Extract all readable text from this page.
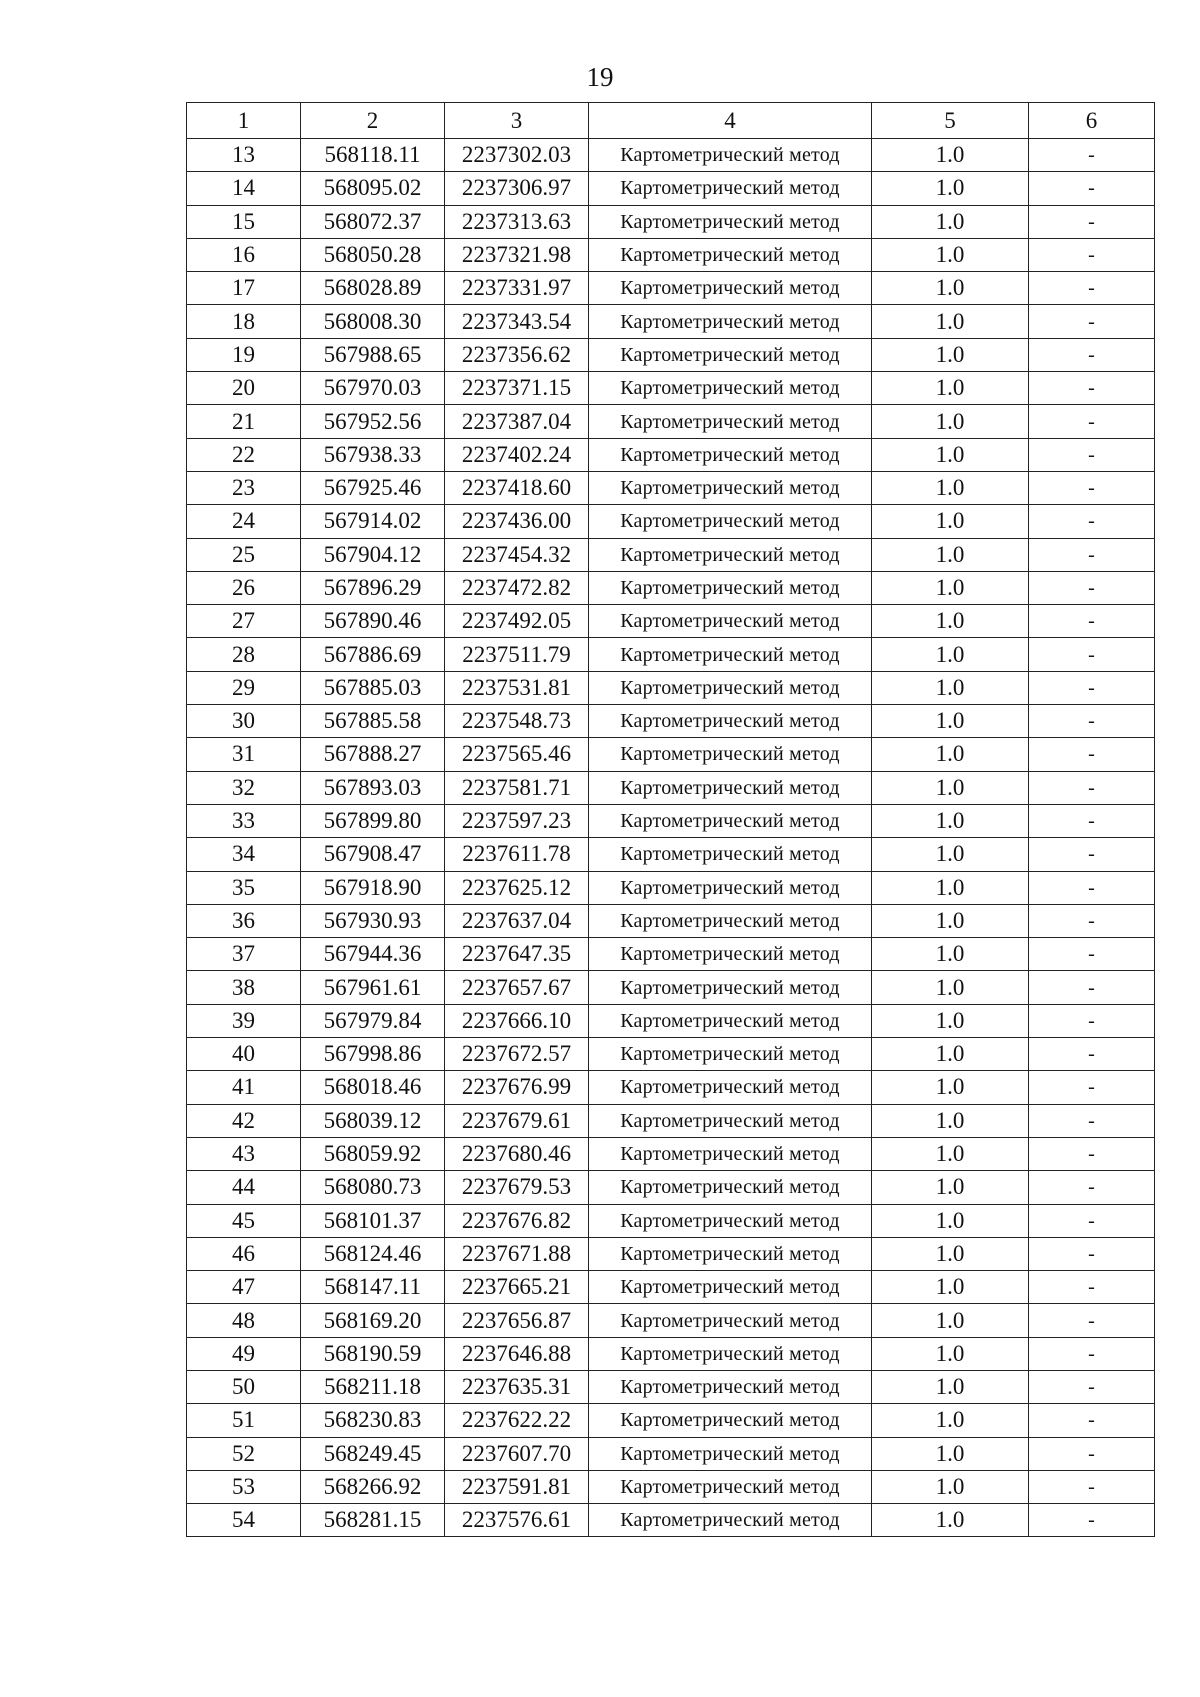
19
1	2	3	4	5	6
13	568118.11	2237302.03	Картометрический метод	1.0	-
14	568095.02	2237306.97	Картометрический метод	1.0	-
15	568072.37	2237313.63	Картометрический метод	1.0	-
16	568050.28	2237321.98	Картометрический метод	1.0	-
17	568028.89	2237331.97	Картометрический метод	1.0	-
18	568008.30	2237343.54	Картометрический метод	1.0	-
19	567988.65	2237356.62	Картометрический метод	1.0	-
20	567970.03	2237371.15	Картометрический метод	1.0	-
21	567952.56	2237387.04	Картометрический метод	1.0	-
22	567938.33	2237402.24	Картометрический метод	1.0	-
23	567925.46	2237418.60	Картометрический метод	1.0	-
24	567914.02	2237436.00	Картометрический метод	1.0	-
25	567904.12	2237454.32	Картометрический метод	1.0	-
26	567896.29	2237472.82	Картометрический метод	1.0	-
27	567890.46	2237492.05	Картометрический метод	1.0	-
28	567886.69	2237511.79	Картометрический метод	1.0	-
29	567885.03	2237531.81	Картометрический метод	1.0	-
30	567885.58	2237548.73	Картометрический метод	1.0	-
31	567888.27	2237565.46	Картометрический метод	1.0	-
32	567893.03	2237581.71	Картометрический метод	1.0	-
33	567899.80	2237597.23	Картометрический метод	1.0	-
34	567908.47	2237611.78	Картометрический метод	1.0	-
35	567918.90	2237625.12	Картометрический метод	1.0	-
36	567930.93	2237637.04	Картометрический метод	1.0	-
37	567944.36	2237647.35	Картометрический метод	1.0	-
38	567961.61	2237657.67	Картометрический метод	1.0	-
39	567979.84	2237666.10	Картометрический метод	1.0	-
40	567998.86	2237672.57	Картометрический метод	1.0	-
41	568018.46	2237676.99	Картометрический метод	1.0	-
42	568039.12	2237679.61	Картометрический метод	1.0	-
43	568059.92	2237680.46	Картометрический метод	1.0	-
44	568080.73	2237679.53	Картометрический метод	1.0	-
45	568101.37	2237676.82	Картометрический метод	1.0	-
46	568124.46	2237671.88	Картометрический метод	1.0	-
47	568147.11	2237665.21	Картометрический метод	1.0	-
48	568169.20	2237656.87	Картометрический метод	1.0	-
49	568190.59	2237646.88	Картометрический метод	1.0	-
50	568211.18	2237635.31	Картометрический метод	1.0	-
51	568230.83	2237622.22	Картометрический метод	1.0	-
52	568249.45	2237607.70	Картометрический метод	1.0	-
53	568266.92	2237591.81	Картометрический метод	1.0	-
54	568281.15	2237576.61	Картометрический метод	1.0	-
